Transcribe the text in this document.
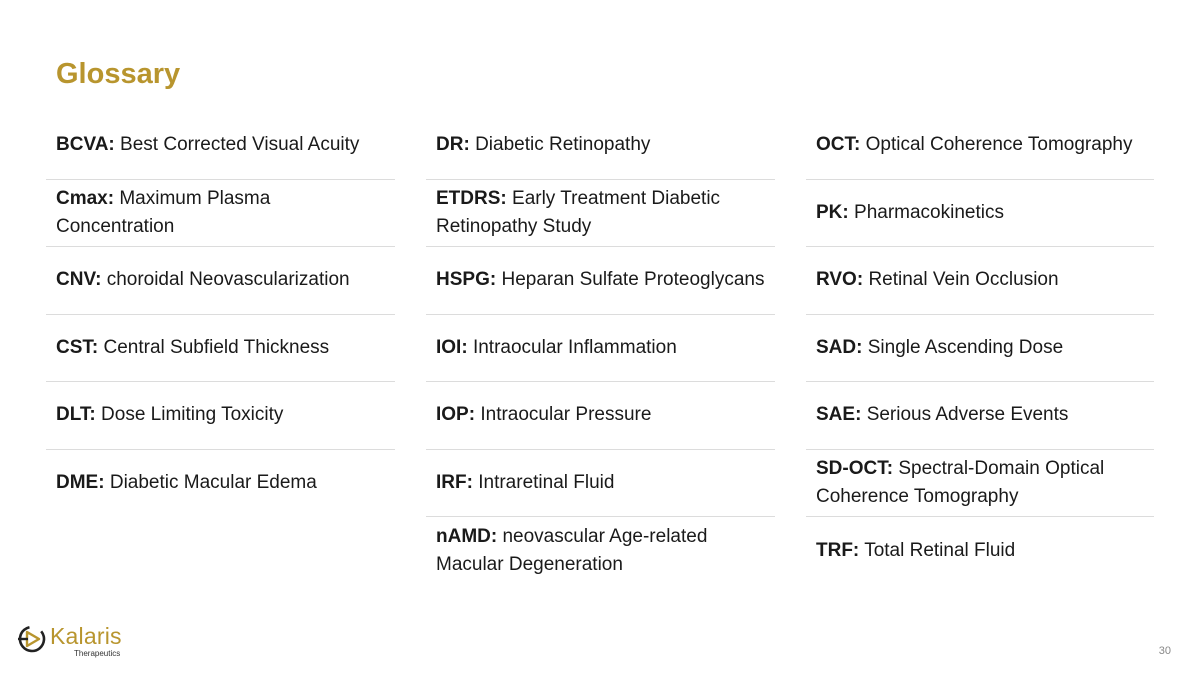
Glossary
BCVA: Best Corrected Visual Acuity
Cmax: Maximum Plasma Concentration
CNV: choroidal Neovascularization
CST: Central Subfield Thickness
DLT: Dose Limiting Toxicity
DME: Diabetic Macular Edema
DR: Diabetic Retinopathy
ETDRS: Early Treatment Diabetic Retinopathy Study
HSPG: Heparan Sulfate Proteoglycans
IOI: Intraocular Inflammation
IOP: Intraocular Pressure
IRF: Intraretinal Fluid
nAMD: neovascular Age-related Macular Degeneration
OCT: Optical Coherence Tomography
PK: Pharmacokinetics
RVO: Retinal Vein Occlusion
SAD: Single Ascending Dose
SAE: Serious Adverse Events
SD-OCT: Spectral-Domain Optical Coherence Tomography
TRF: Total Retinal Fluid
Kalaris
Therapeutics	30
